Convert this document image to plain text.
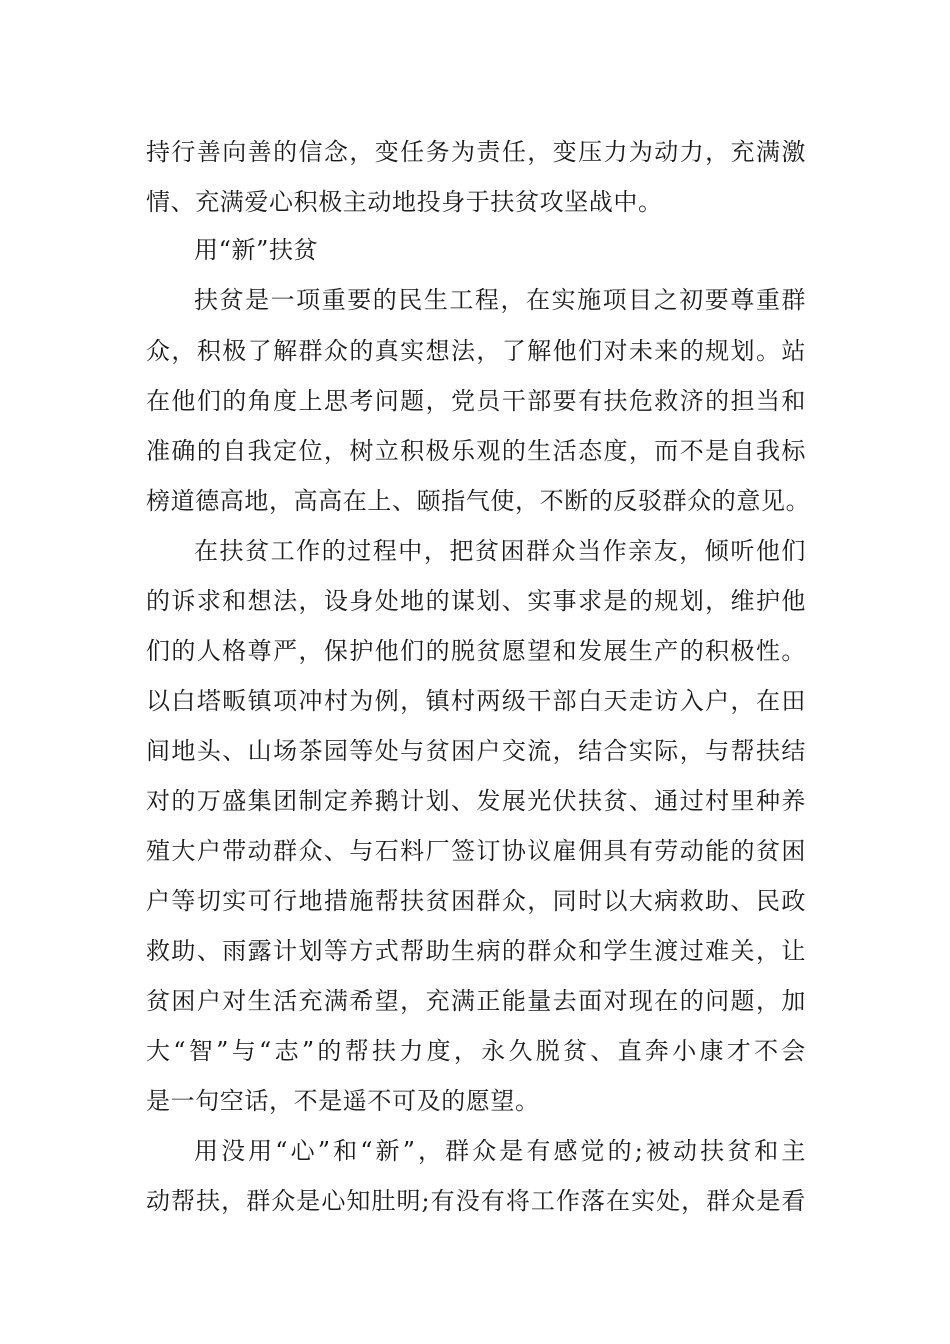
持行善向善的信念，变任务为责任，变压力为动力，充满激
情、充满爱心积极主动地投身于扶贫攻坚战中。
用“新”扶贫
扶贫是一项重要的民生工程，在实施项目之初要尊重群
众，积极了解群众的真实想法，了解他们对未来的规划。站
在他们的角度上思考问题，党员干部要有扶危救济的担当和
准确的自我定位，树立积极乐观的生活态度，而不是自我标
榜道德高地，高高在上、颐指气使，不断的反驳群众的意见。
在扶贫工作的过程中，把贫困群众当作亲友，倾听他们
的诉求和想法，设身处地的谋划、实事求是的规划，维护他
们的人格尊严，保护他们的脱贫愿望和发展生产的积极性。
以白塔畈镇项冲村为例，镇村两级干部白天走访入户，在田
间地头、山场茶园等处与贫困户交流，结合实际，与帮扶结
对的万盛集团制定养鹅计划、发展光伏扶贫、通过村里种养
殖大户带动群众、与石料厂签订协议雇佣具有劳动能的贫困
户等切实可行地措施帮扶贫困群众，同时以大病救助、民政
救助、雨露计划等方式帮助生病的群众和学生渡过难关，让
贫困户对生活充满希望，充满正能量去面对现在的问题，加
大“智”与“志”的帮扶力度，永久脱贫、直奔小康才不会
是一句空话，不是遥不可及的愿望。
用没用“心”和“新”，群众是有感觉的;被动扶贫和主
动帮扶，群众是心知肚明;有没有将工作落在实处，群众是看
